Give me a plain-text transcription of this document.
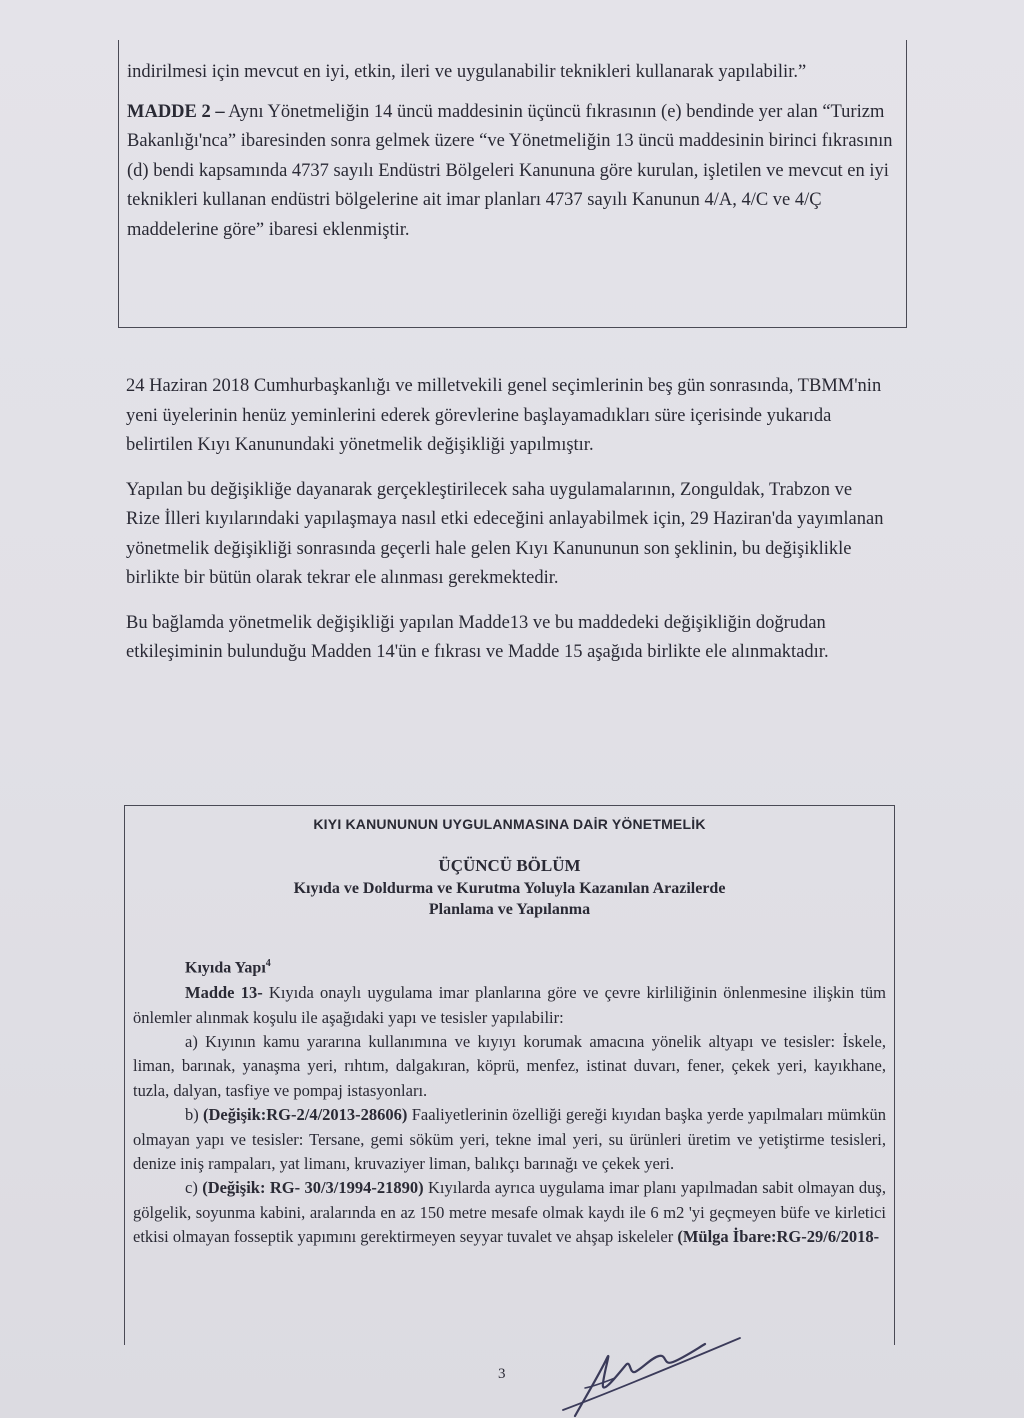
indirilmesi için mevcut en iyi, etkin, ileri ve uygulanabilir teknikleri kullanarak yapılabilir.”

MADDE 2 – Aynı Yönetmeliğin 14 üncü maddesinin üçüncü fıkrasının (e) bendinde yer alan “Turizm Bakanlığı'nca” ibaresinden sonra gelmek üzere “ve Yönetmeliğin 13 üncü maddesinin birinci fıkrasının (d) bendi kapsamında 4737 sayılı Endüstri Bölgeleri Kanununa göre kurulan, işletilen ve mevcut en iyi teknikleri kullanan endüstri bölgelerine ait imar planları 4737 sayılı Kanunun 4/A, 4/C ve 4/Ç maddelerine göre” ibaresi eklenmiştir.

24 Haziran 2018 Cumhurbaşkanlığı ve milletvekili genel seçimlerinin beş gün sonrasında, TBMM'nin yeni üyelerinin henüz yeminlerini ederek görevlerine başlayamadıkları süre içerisinde yukarıda belirtilen Kıyı Kanunundaki yönetmelik değişikliği yapılmıştır.

Yapılan bu değişikliğe dayanarak gerçekleştirilecek saha uygulamalarının, Zonguldak, Trabzon ve Rize İlleri kıyılarındaki yapılaşmaya nasıl etki edeceğini anlayabilmek için, 29 Haziran'da yayımlanan yönetmelik değişikliği sonrasında geçerli hale gelen Kıyı Kanununun son şeklinin, bu değişiklikle birlikte bir bütün olarak tekrar ele alınması gerekmektedir.

Bu bağlamda yönetmelik değişikliği yapılan Madde13 ve bu maddedeki değişikliğin doğrudan etkileşiminin bulunduğu Madden 14'ün e fıkrası ve Madde 15 aşağıda birlikte ele alınmaktadır.

KIYI KANUNUNUN UYGULANMASINA DAİR YÖNETMELİK

ÜÇÜNCÜ BÖLÜM

Kıyıda ve Doldurma ve Kurutma Yoluyla Kazanılan Arazilerde

Planlama ve Yapılanma

Kıyıda Yapı$^4$

Madde 13- Kıyıda onaylı uygulama imar planlarına göre ve çevre kirliliğinin önlenmesine ilişkin tüm önlemler alınmak koşulu ile aşağıdaki yapı ve tesisler yapılabilir:

a) Kıyının kamu yararına kullanımına ve kıyıyı korumak amacına yönelik altyapı ve tesisler: İskele, liman, barınak, yanaşma yeri, rıhtım, dalgakıran, köprü, menfez, istinat duvarı, fener, çekek yeri, kayıkhane, tuzla, dalyan, tasfiye ve pompaj istasyonları.

b) (Değişik:RG-2/4/2013-28606) Faaliyetlerinin özelliği gereği kıyıdan başka yerde yapılmaları mümkün olmayan yapı ve tesisler: Tersane, gemi söküm yeri, tekne imal yeri, su ürünleri üretim ve yetiştirme tesisleri, denize iniş rampaları, yat limanı, kruvaziyer liman, balıkçı barınağı ve çekek yeri.

c) (Değişik: RG- 30/3/1994-21890) Kıyılarda ayrıca uygulama imar planı yapılmadan sabit olmayan duş, gölgelik, soyunma kabini, aralarında en az 150 metre mesafe olmak kaydı ile 6 m2 'yi geçmeyen büfe ve kirletici etkisi olmayan fosseptik yapımını gerektirmeyen seyyar tuvalet ve ahşap iskeleler (Mülga İbare:RG-29/6/2018-

3
